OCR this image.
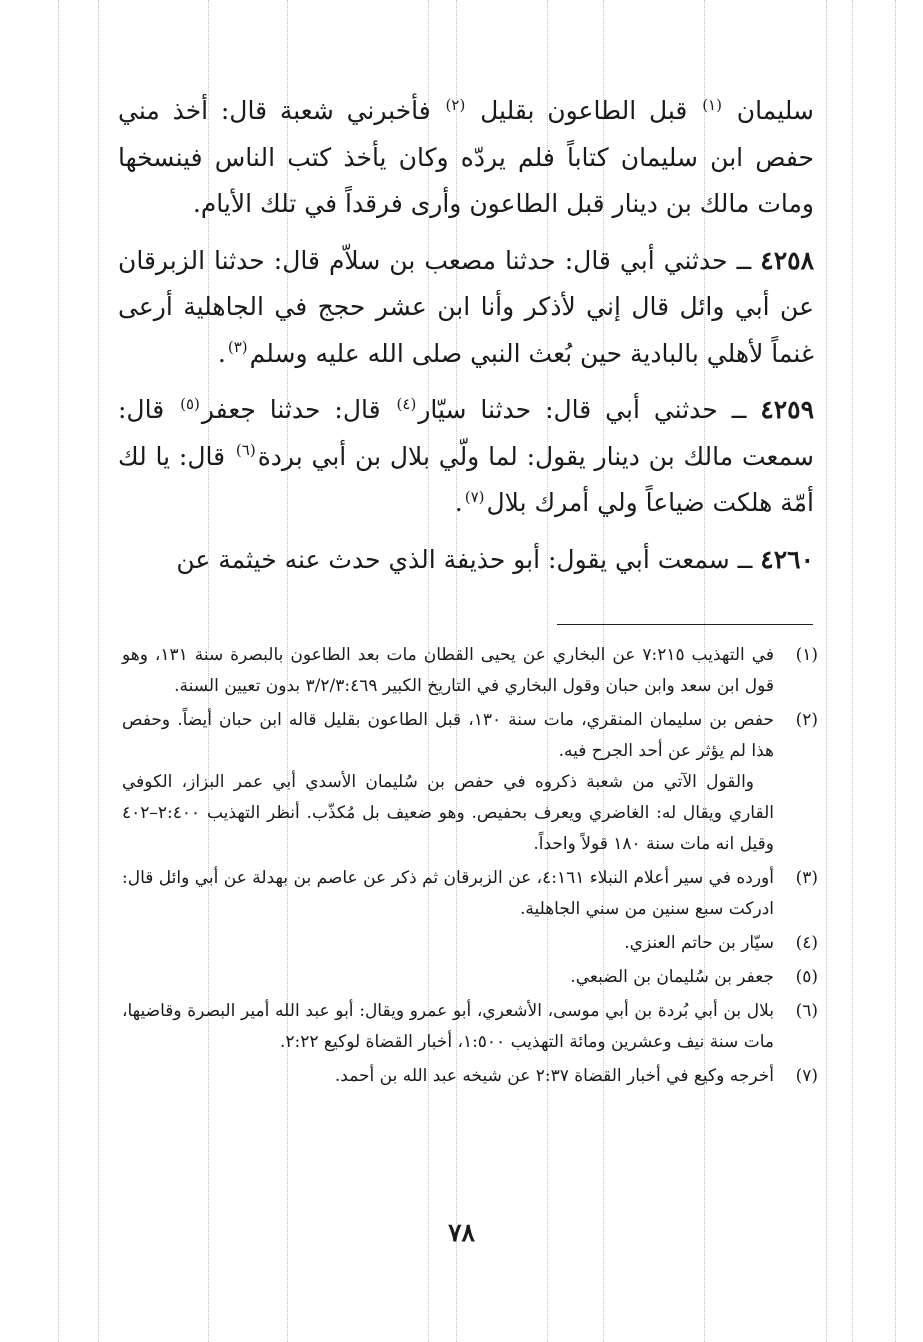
سليمان $^{(١)}$ قبل الطاعون بقليل $^{(٢)}$ فأخبرني شعبة قال: أخذ مني حفص ابن سليمان كتاباً فلم يردّه وكان يأخذ كتب الناس فينسخها ومات مالك بن دينار قبل الطاعون وأرى فرقداً في تلك الأيام.

٤٢٥٨ ــ حدثني أبي قال: حدثنا مصعب بن سلاّم قال: حدثنا الزبرقان عن أبي وائل قال إني لأذكر وأنا ابن عشر حجج في الجاهلية أرعى غنماً لأهلي بالبادية حين بُعث النبي صلى الله عليه وسلم$^{(٣)}$.

٤٢٥٩ ــ حدثني أبي قال: حدثنا سيّار$^{(٤)}$ قال: حدثنا جعفر$^{(٥)}$ قال: سمعت مالك بن دينار يقول: لما ولّي بلال بن أبي بردة$^{(٦)}$ قال: يا لك أمّة هلكت ضياعاً ولي أمرك بلال$^{(٧)}$.

٤٢٦٠ ــ سمعت أبي يقول: أبو حذيفة الذي حدث عنه خيثمة عن

(١)

في التهذيب ٧:٢١٥ عن البخاري عن يحيى القطان مات بعد الطاعون بالبصرة سنة ١٣١، وهو قول ابن سعد وابن حبان وقول البخاري في التاريخ الكبير ٣/٢/٣:٤٦٩ بدون تعيين السنة.

(٢)

حفص بن سليمان المنقري، مات سنة ١٣٠، قبل الطاعون بقليل قاله ابن حبان أيضاً. وحفص هذا لم يؤثر عن أحد الجرح فيه.

والقول الآتي من شعبة ذكروه في حفص بن سُليمان الأسدي أبي عمر البزاز، الكوفي القاري ويقال له: الغاضري ويعرف بحفيص. وهو ضعيف بل مُكذّب. أنظر التهذيب ٢:٤٠٠–٤٠٢ وقيل انه مات سنة ١٨٠ قولاً واحداً.

(٣)

أورده في سير أعلام النبلاء ٤:١٦١، عن الزبرقان ثم ذكر عن عاصم بن بهدلة عن أبي وائل قال: ادركت سبع سنين من سني الجاهلية.

(٤)

سيّار بن حاتم العنزي.

(٥)

جعفر بن سُليمان بن الضبعي.

(٦)

بلال بن أبي بُردة بن أبي موسى، الأشعري، أبو عمرو ويقال: أبو عبد الله أمير البصرة وقاضيها، مات سنة نيف وعشرين ومائة التهذيب ١:٥٠٠، أخبار القضاة لوكيع ٢:٢٢.

(٧)

أخرجه وكيع في أخبار القضاة ٢:٣٧ عن شيخه عبد الله بن أحمد.

٧٨
